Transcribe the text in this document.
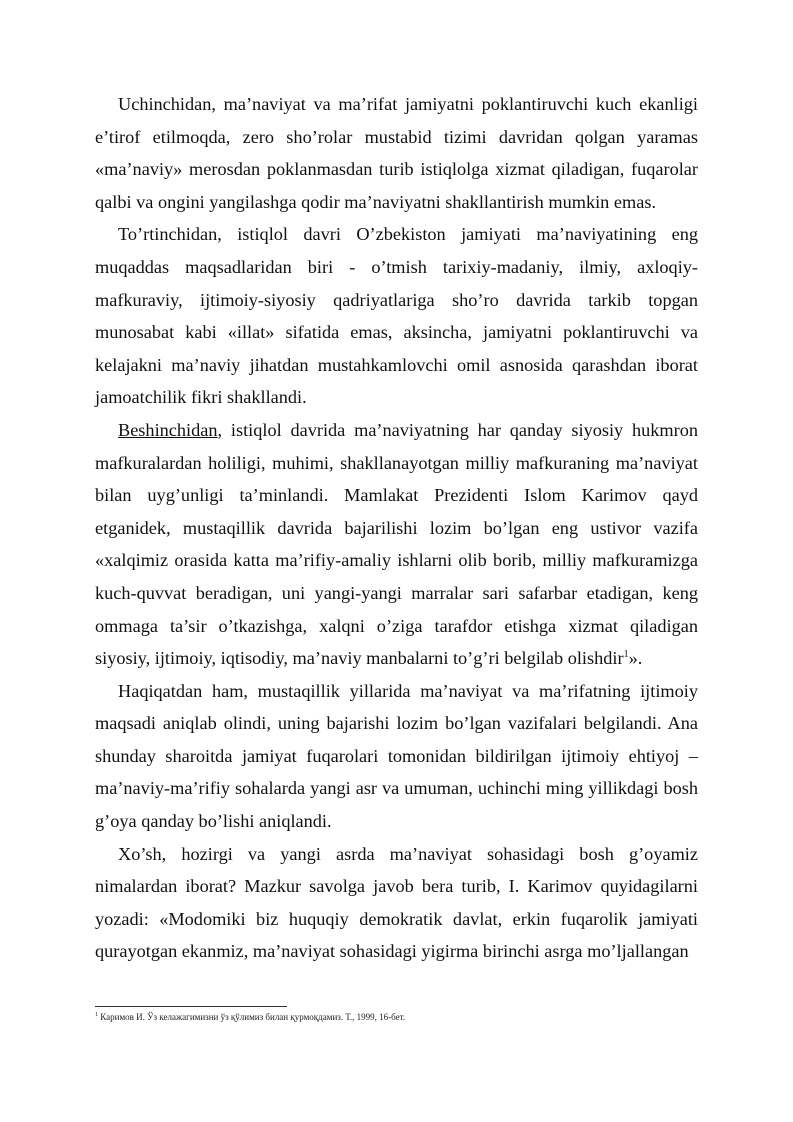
Uchinchidan, ma’naviyat va ma’rifat jamiyatni poklantiruvchi kuch ekanligi e’tirof etilmoqda, zero sho’rolar mustabid tizimi davridan qolgan yaramas «ma’naviy» merosdan poklanmasdan turib istiqlolga xizmat qiladigan, fuqarolar qalbi va ongini yangilashga qodir ma’naviyatni shakllantirish mumkin emas.

To’rtinchidan, istiqlol davri O’zbekiston jamiyati ma’naviyatining eng muqaddas maqsadlaridan biri - o’tmish tarixiy-madaniy, ilmiy, axloqiy-mafkuraviy, ijtimoiy-siyosiy qadriyatlariga sho’ro davrida tarkib topgan munosabat kabi «illat» sifatida emas, aksincha, jamiyatni poklantiruvchi va kelajakni ma’naviy jihatdan mustahkamlovchi omil asnosida qarashdan iborat jamoatchilik fikri shakllandi.

Beshinchidan, istiqlol davrida ma’naviyatning har qanday siyosiy hukmron mafkuralardan holiligi, muhimi, shakllanayotgan milliy mafkuraning ma’naviyat bilan uyg’unligi ta’minlandi. Mamlakat Prezidenti Islom Karimov qayd etganidek, mustaqillik davrida bajarilishi lozim bo’lgan eng ustivor vazifa «xalqimiz orasida katta ma’rifiy-amaliy ishlarni olib borib, milliy mafkuramizga kuch-quvvat beradigan, uni yangi-yangi marralar sari safarbar etadigan, keng ommaga ta’sir o’tkazishga, xalqni o’ziga tarafdor etishga xizmat qiladigan siyosiy, ijtimoiy, iqtisodiy, ma’naviy manbalarni to’g’ri belgilab olishdir$^1$».

Haqiqatdan ham, mustaqillik yillarida ma’naviyat va ma’rifatning ijtimoiy maqsadi aniqlab olindi, uning bajarishi lozim bo’lgan vazifalari belgilandi. Ana shunday sharoitda jamiyat fuqarolari tomonidan bildirilgan ijtimoiy ehtiyoj – ma’naviy-ma’rifiy sohalarda yangi asr va umuman, uchinchi ming yillikdagi bosh g’oya qanday bo’lishi aniqlandi.

Xo’sh, hozirgi va yangi asrda ma’naviyat sohasidagi bosh g’oyamiz nimalardan iborat? Mazkur savolga javob bera turib, I. Karimov quyidagilarni yozadi: «Modomiki biz huquqiy demokratik davlat, erkin fuqarolik jamiyati qurayotgan ekanmiz, ma’naviyat sohasidagi yigirma birinchi asrga mo’ljallangan

$^1$ Каримов И. Ўз келажагимизни ўз қўлимиз билан қурмоқдамиз. Т., 1999, 16-бет.
